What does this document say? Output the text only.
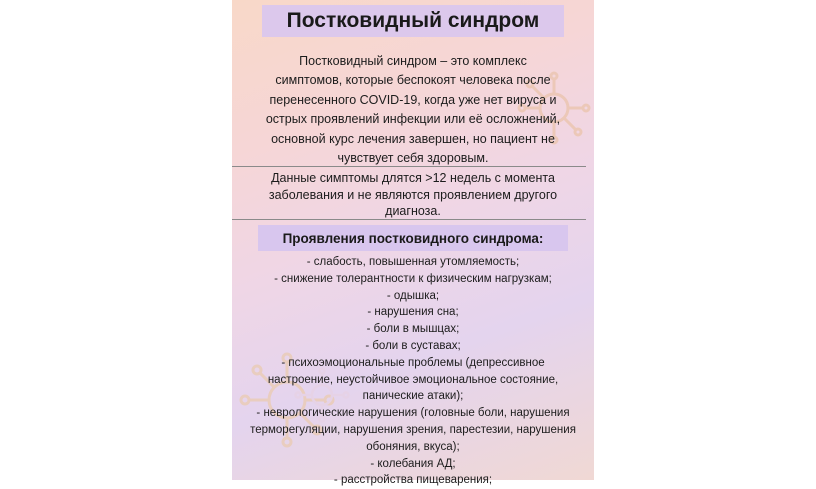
Постковидный синдром
Постковидный синдром – это комплекс
симптомов, которые беспокоят человека после
перенесенного COVID-19, когда уже нет вируса и
острых проявлений инфекции или её осложнений,
основной курс лечения завершен, но пациент не
чувствует себя здоровым.
Данные симптомы длятся >12 недель с момента
заболевания и не являются проявлением другого
диагноза.
Проявления постковидного синдрома:
- слабость, повышенная утомляемость;
- снижение толерантности к физическим нагрузкам;
- одышка;
- нарушения сна;
- боли в мышцах;
- боли в суставах;
- психоэмоциональные проблемы (депрессивное
настроение, неустойчивое эмоциональное состояние,
панические атаки);
- неврологические нарушения (головные боли, нарушения
терморегуляции, нарушения зрения, парестезии, нарушения
обоняния, вкуса);
- колебания АД;
- расстройства пищеварения;
